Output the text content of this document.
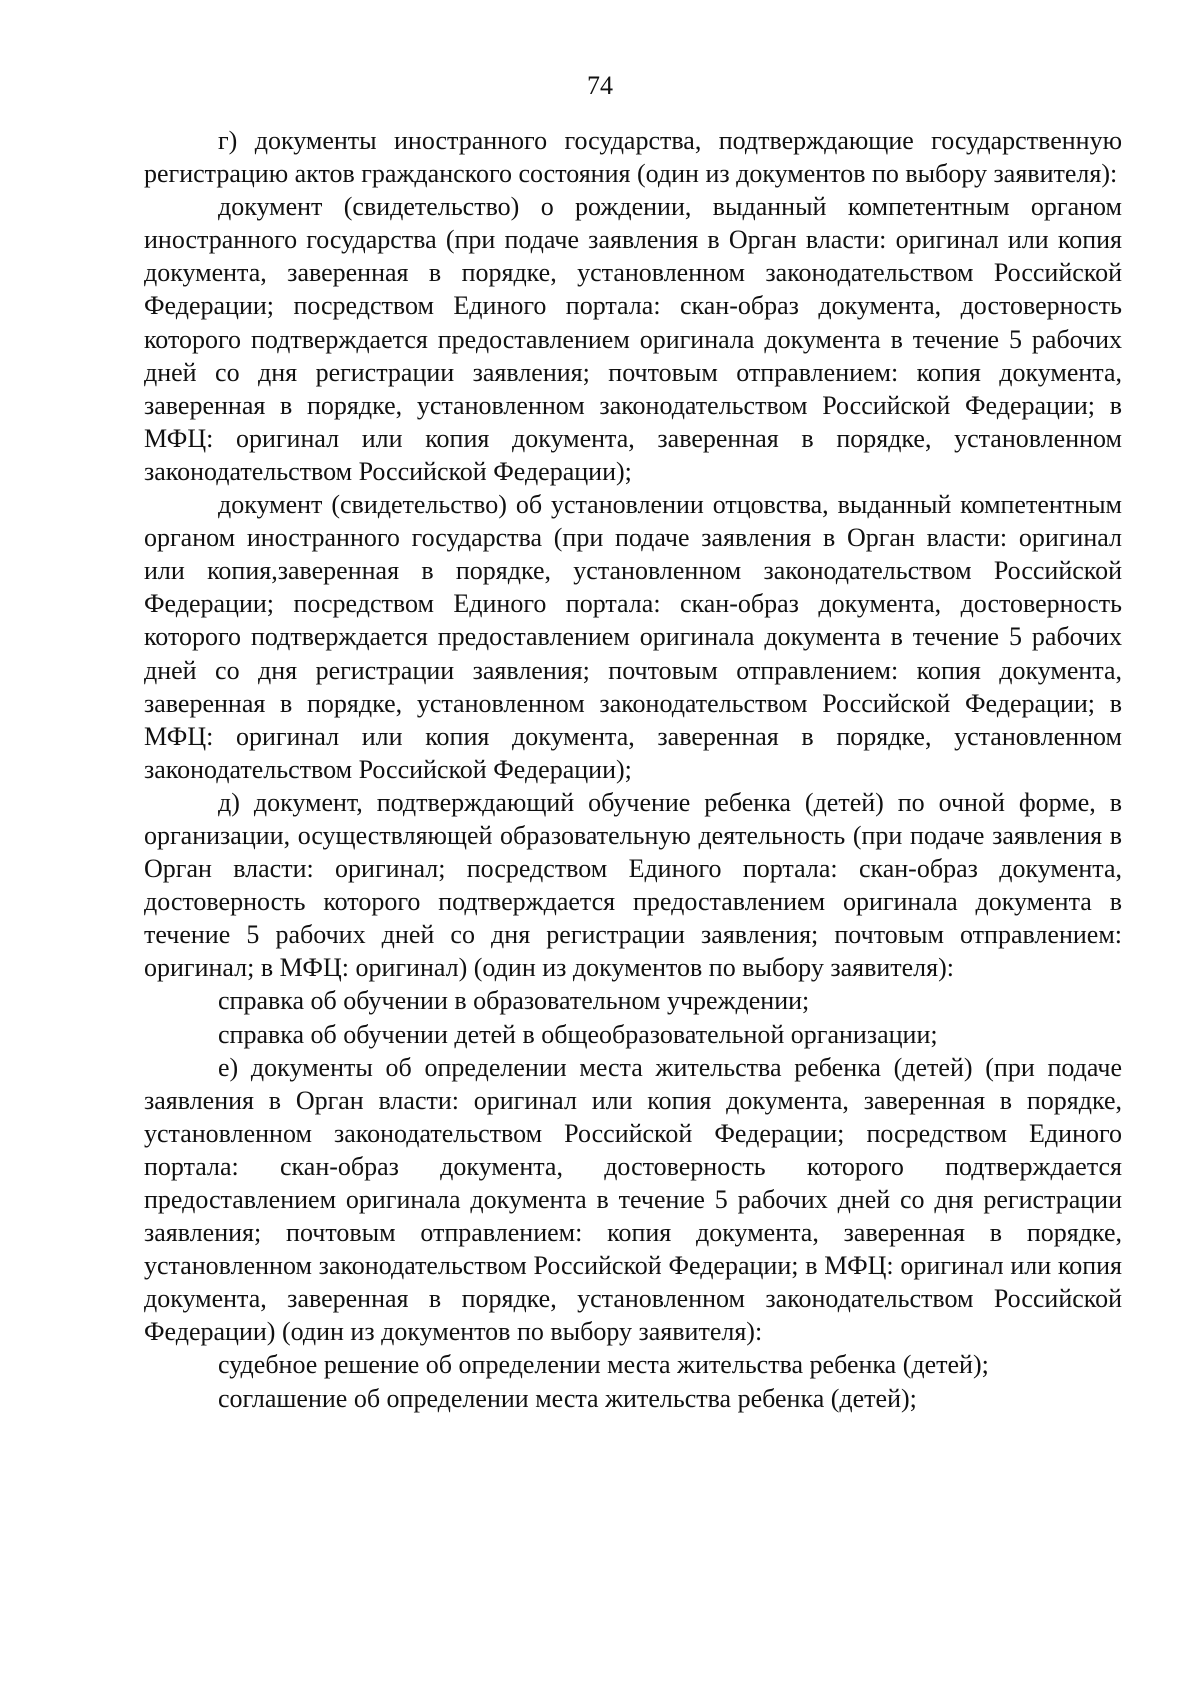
74

г) документы иностранного государства, подтверждающие государственную регистрацию актов гражданского состояния (один из документов по выбору заявителя):

документ (свидетельство) о рождении, выданный компетентным органом иностранного государства (при подаче заявления в Орган власти: оригинал или копия документа, заверенная в порядке, установленном законодательством Российской Федерации; посредством Единого портала: скан-образ документа, достоверность которого подтверждается предоставлением оригинала документа в течение 5 рабочих дней со дня регистрации заявления; почтовым отправлением: копия документа, заверенная в порядке, установленном законодательством Российской Федерации; в МФЦ: оригинал или копия документа, заверенная в порядке, установленном законодательством Российской Федерации);

документ (свидетельство) об установлении отцовства, выданный компетентным органом иностранного государства (при подаче заявления в Орган власти: оригинал или копия,заверенная в порядке, установленном законодательством Российской Федерации; посредством Единого портала: скан-образ документа, достоверность которого подтверждается предоставлением оригинала документа в течение 5 рабочих дней со дня регистрации заявления; почтовым отправлением: копия документа, заверенная в порядке, установленном законодательством Российской Федерации; в МФЦ: оригинал или копия документа, заверенная в порядке, установленном законодательством Российской Федерации);

д) документ, подтверждающий обучение ребенка (детей) по очной форме, в организации, осуществляющей образовательную деятельность (при подаче заявления в Орган власти: оригинал; посредством Единого портала: скан-образ документа, достоверность которого подтверждается предоставлением оригинала документа в течение 5 рабочих дней со дня регистрации заявления; почтовым отправлением: оригинал; в МФЦ: оригинал) (один из документов по выбору заявителя):

справка об обучении в образовательном учреждении;

справка об обучении детей в общеобразовательной организации;

е) документы об определении места жительства ребенка (детей) (при подаче заявления в Орган власти: оригинал или копия документа, заверенная в порядке, установленном законодательством Российской Федерации; посредством Единого портала: скан-образ документа, достоверность которого подтверждается предоставлением оригинала документа в течение 5 рабочих дней со дня регистрации заявления; почтовым отправлением: копия документа, заверенная в порядке, установленном законодательством Российской Федерации; в МФЦ: оригинал или копия документа, заверенная в порядке, установленном законодательством Российской Федерации) (один из документов по выбору заявителя):

судебное решение об определении места жительства ребенка (детей);

соглашение об определении места жительства ребенка (детей);
